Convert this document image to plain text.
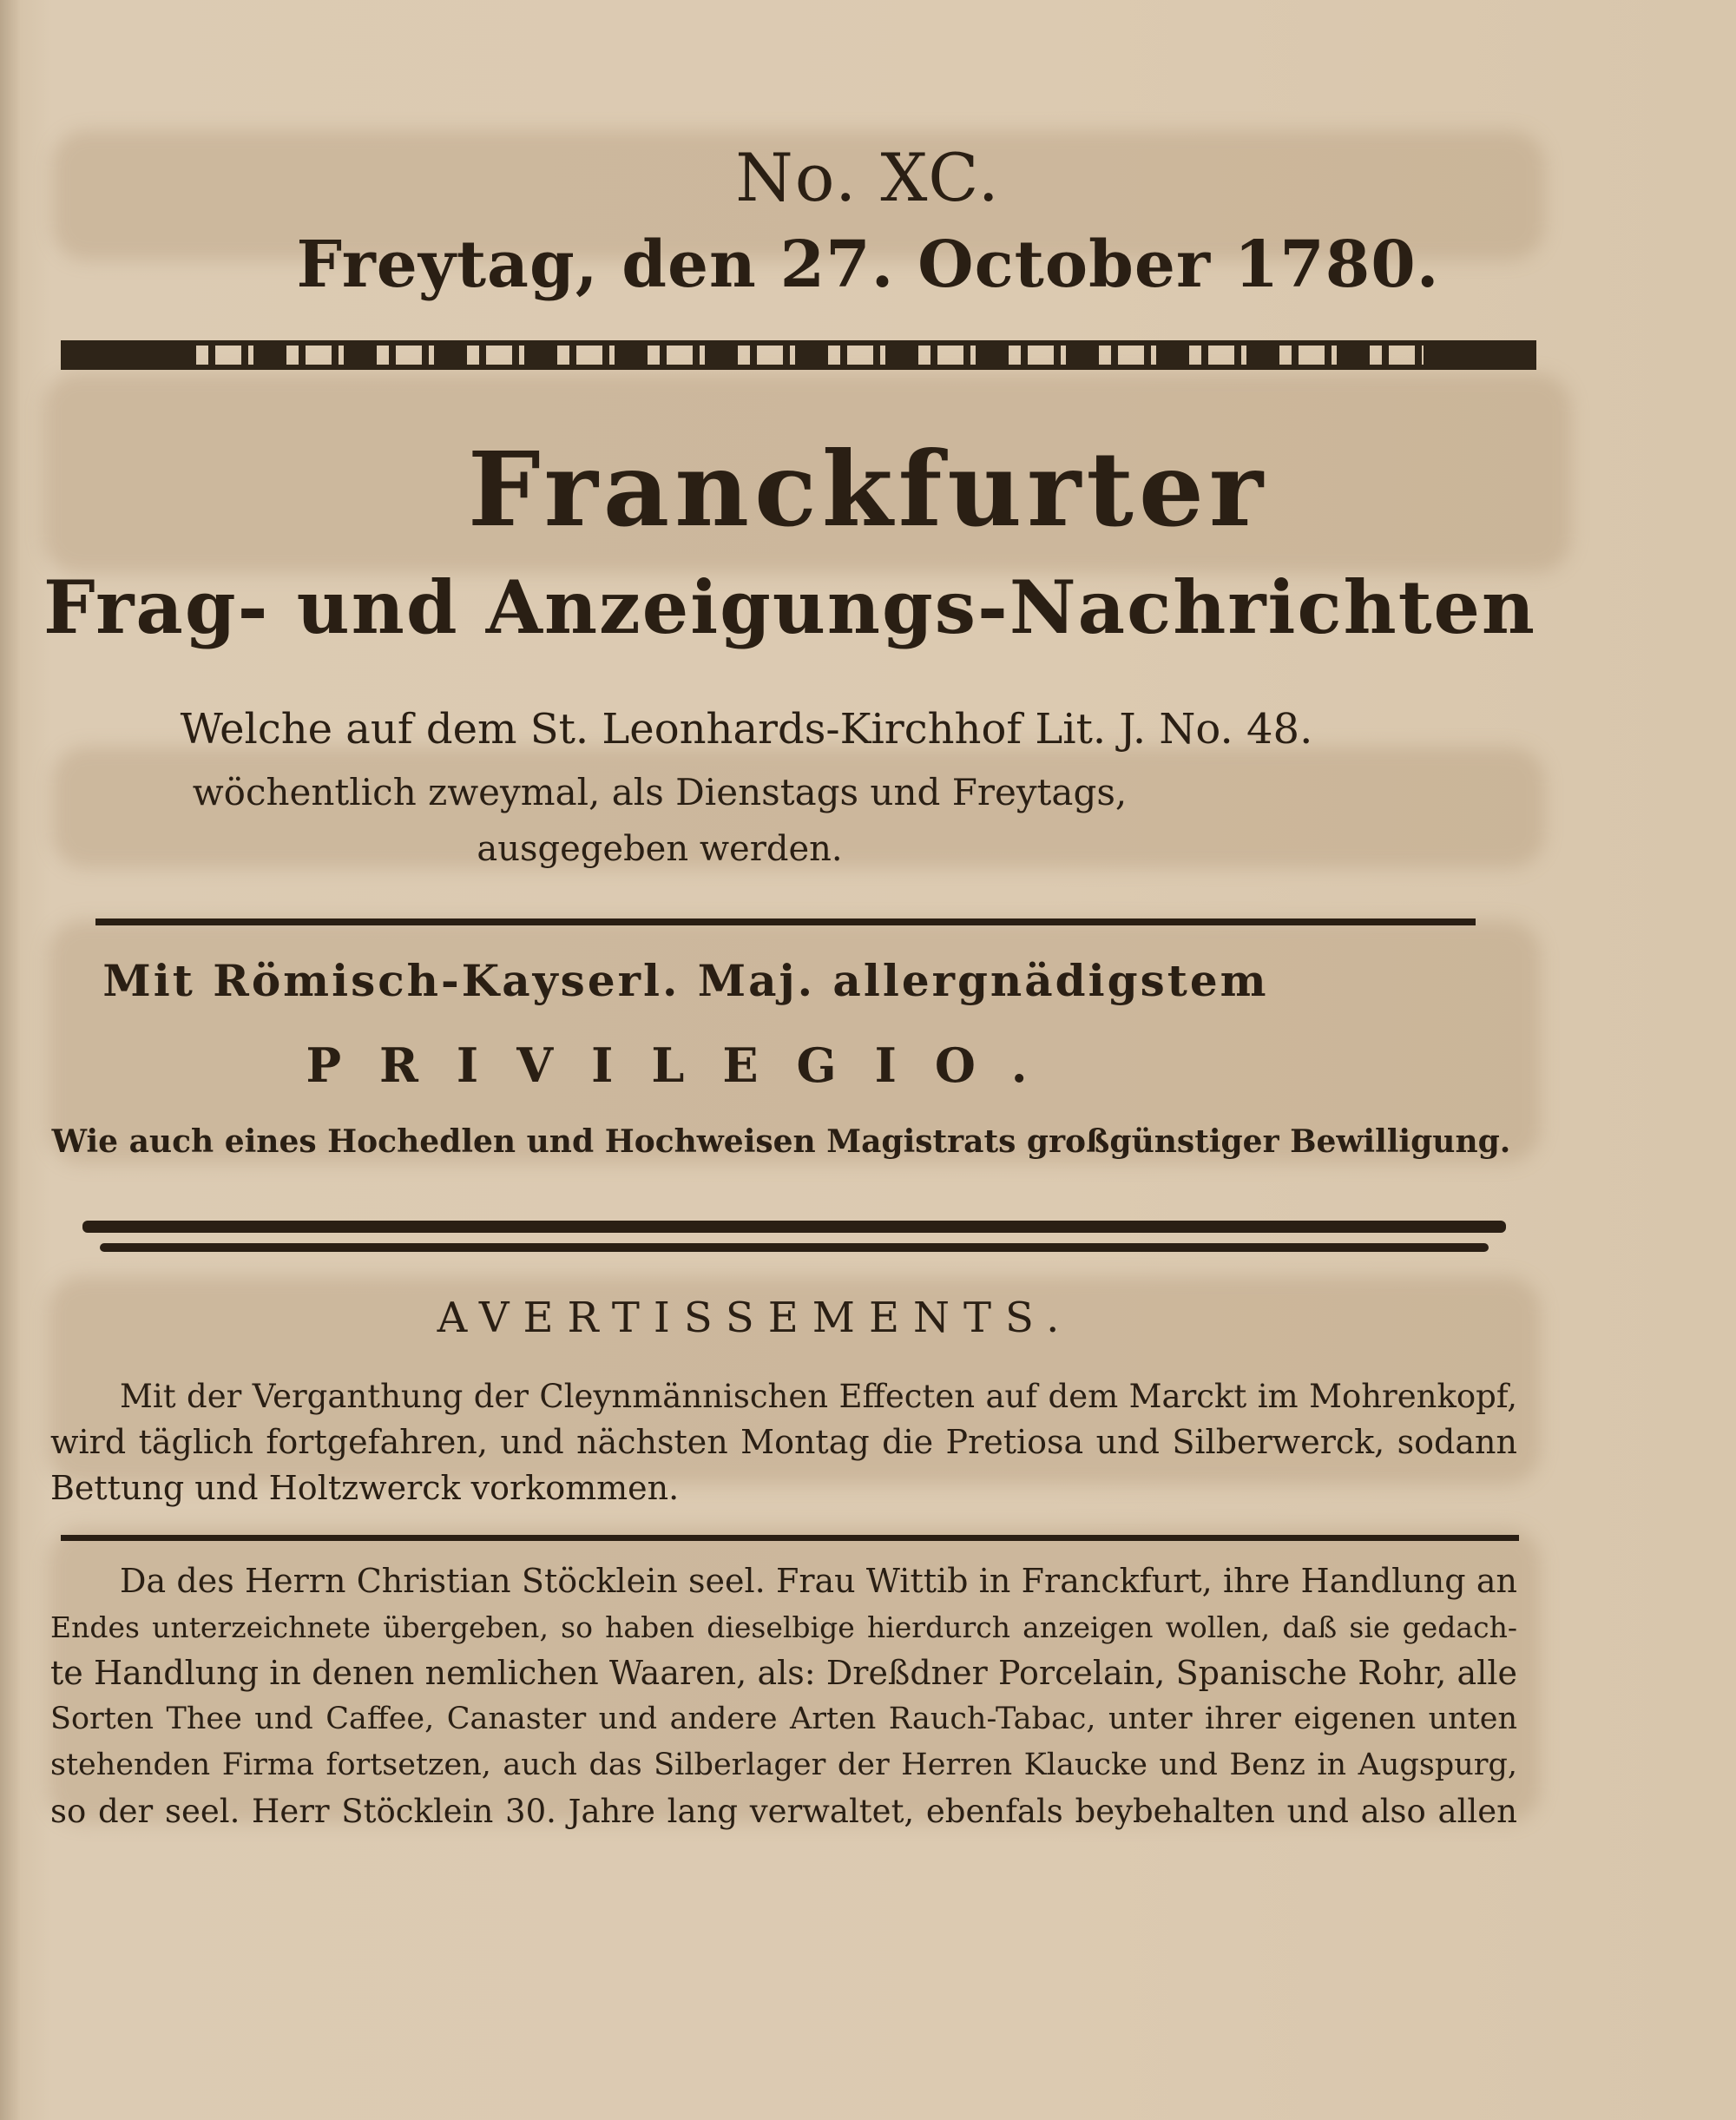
No. XC.
Freytag, den 27. October 1780.
Franckfurter
Frag- und Anzeigungs-Nachrichten
Welche auf dem St. Leonhards-Kirchhof Lit. J. No. 48.
wöchentlich zweymal, als Dienstags und Freytags,
ausgegeben werden.
Mit Römisch-Kayserl. Maj. allergnädigstem
PRIVILEGIO.
Wie auch eines Hochedlen und Hochweisen Magistrats großgünstiger Bewilligung.
AVERTISSEMENTS.
Mit der Verganthung der Cleynmännischen Effecten auf dem Marckt im Mohrenkopf,
wird täglich fortgefahren, und nächsten Montag die Pretiosa und Silberwerck, sodann
Bettung und Holtzwerck vorkommen.
Da des Herrn Christian Stöcklein seel. Frau Wittib in Franckfurt, ihre Handlung an
Endes unterzeichnete übergeben, so haben dieselbige hierdurch anzeigen wollen, daß sie gedach-
te Handlung in denen nemlichen Waaren, als: Dreßdner Porcelain, Spanische Rohr, alle
Sorten Thee und Caffee, Canaster und andere Arten Rauch-Tabac, unter ihrer eigenen unten
stehenden Firma fortsetzen, auch das Silberlager der Herren Klaucke und Benz in Augspurg,
so der seel. Herr Stöcklein 30. Jahre lang verwaltet, ebenfals beybehalten und also allen
